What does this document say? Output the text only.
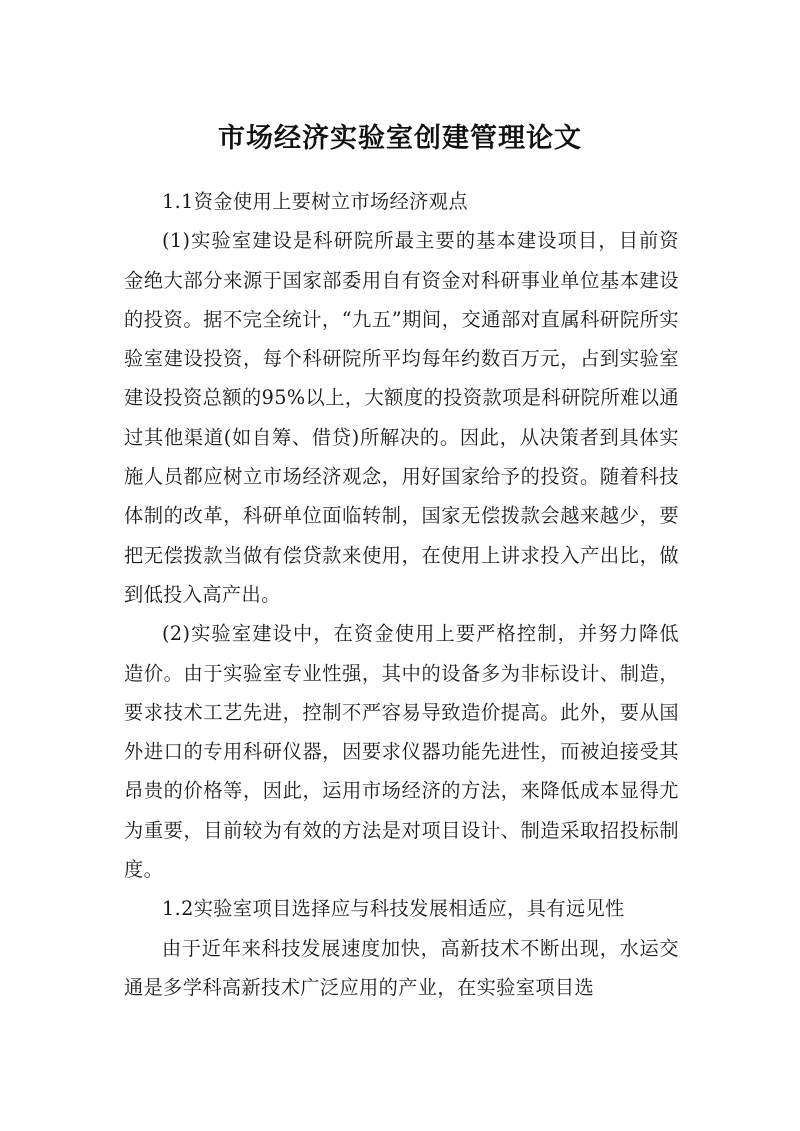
市场经济实验室创建管理论文

1.1资金使用上要树立市场经济观点

(1)实验室建设是科研院所最主要的基本建设项目，目前资金绝大部分来源于国家部委用自有资金对科研事业单位基本建设的投资。据不完全统计，“九五”期间，交通部对直属科研院所实验室建设投资，每个科研院所平均每年约数百万元，占到实验室建设投资总额的95%以上，大额度的投资款项是科研院所难以通过其他渠道(如自筹、借贷)所解决的。因此，从决策者到具体实施人员都应树立市场经济观念，用好国家给予的投资。随着科技体制的改革，科研单位面临转制，国家无偿拨款会越来越少，要把无偿拨款当做有偿贷款来使用，在使用上讲求投入产出比，做到低投入高产出。

(2)实验室建设中，在资金使用上要严格控制，并努力降低造价。由于实验室专业性强，其中的设备多为非标设计、制造，要求技术工艺先进，控制不严容易导致造价提高。此外，要从国外进口的专用科研仪器，因要求仪器功能先进性，而被迫接受其昂贵的价格等，因此，运用市场经济的方法，来降低成本显得尤为重要，目前较为有效的方法是对项目设计、制造采取招投标制度。

1.2实验室项目选择应与科技发展相适应，具有远见性

由于近年来科技发展速度加快，高新技术不断出现，水运交通是多学科高新技术广泛应用的产业，在实验室项目选
